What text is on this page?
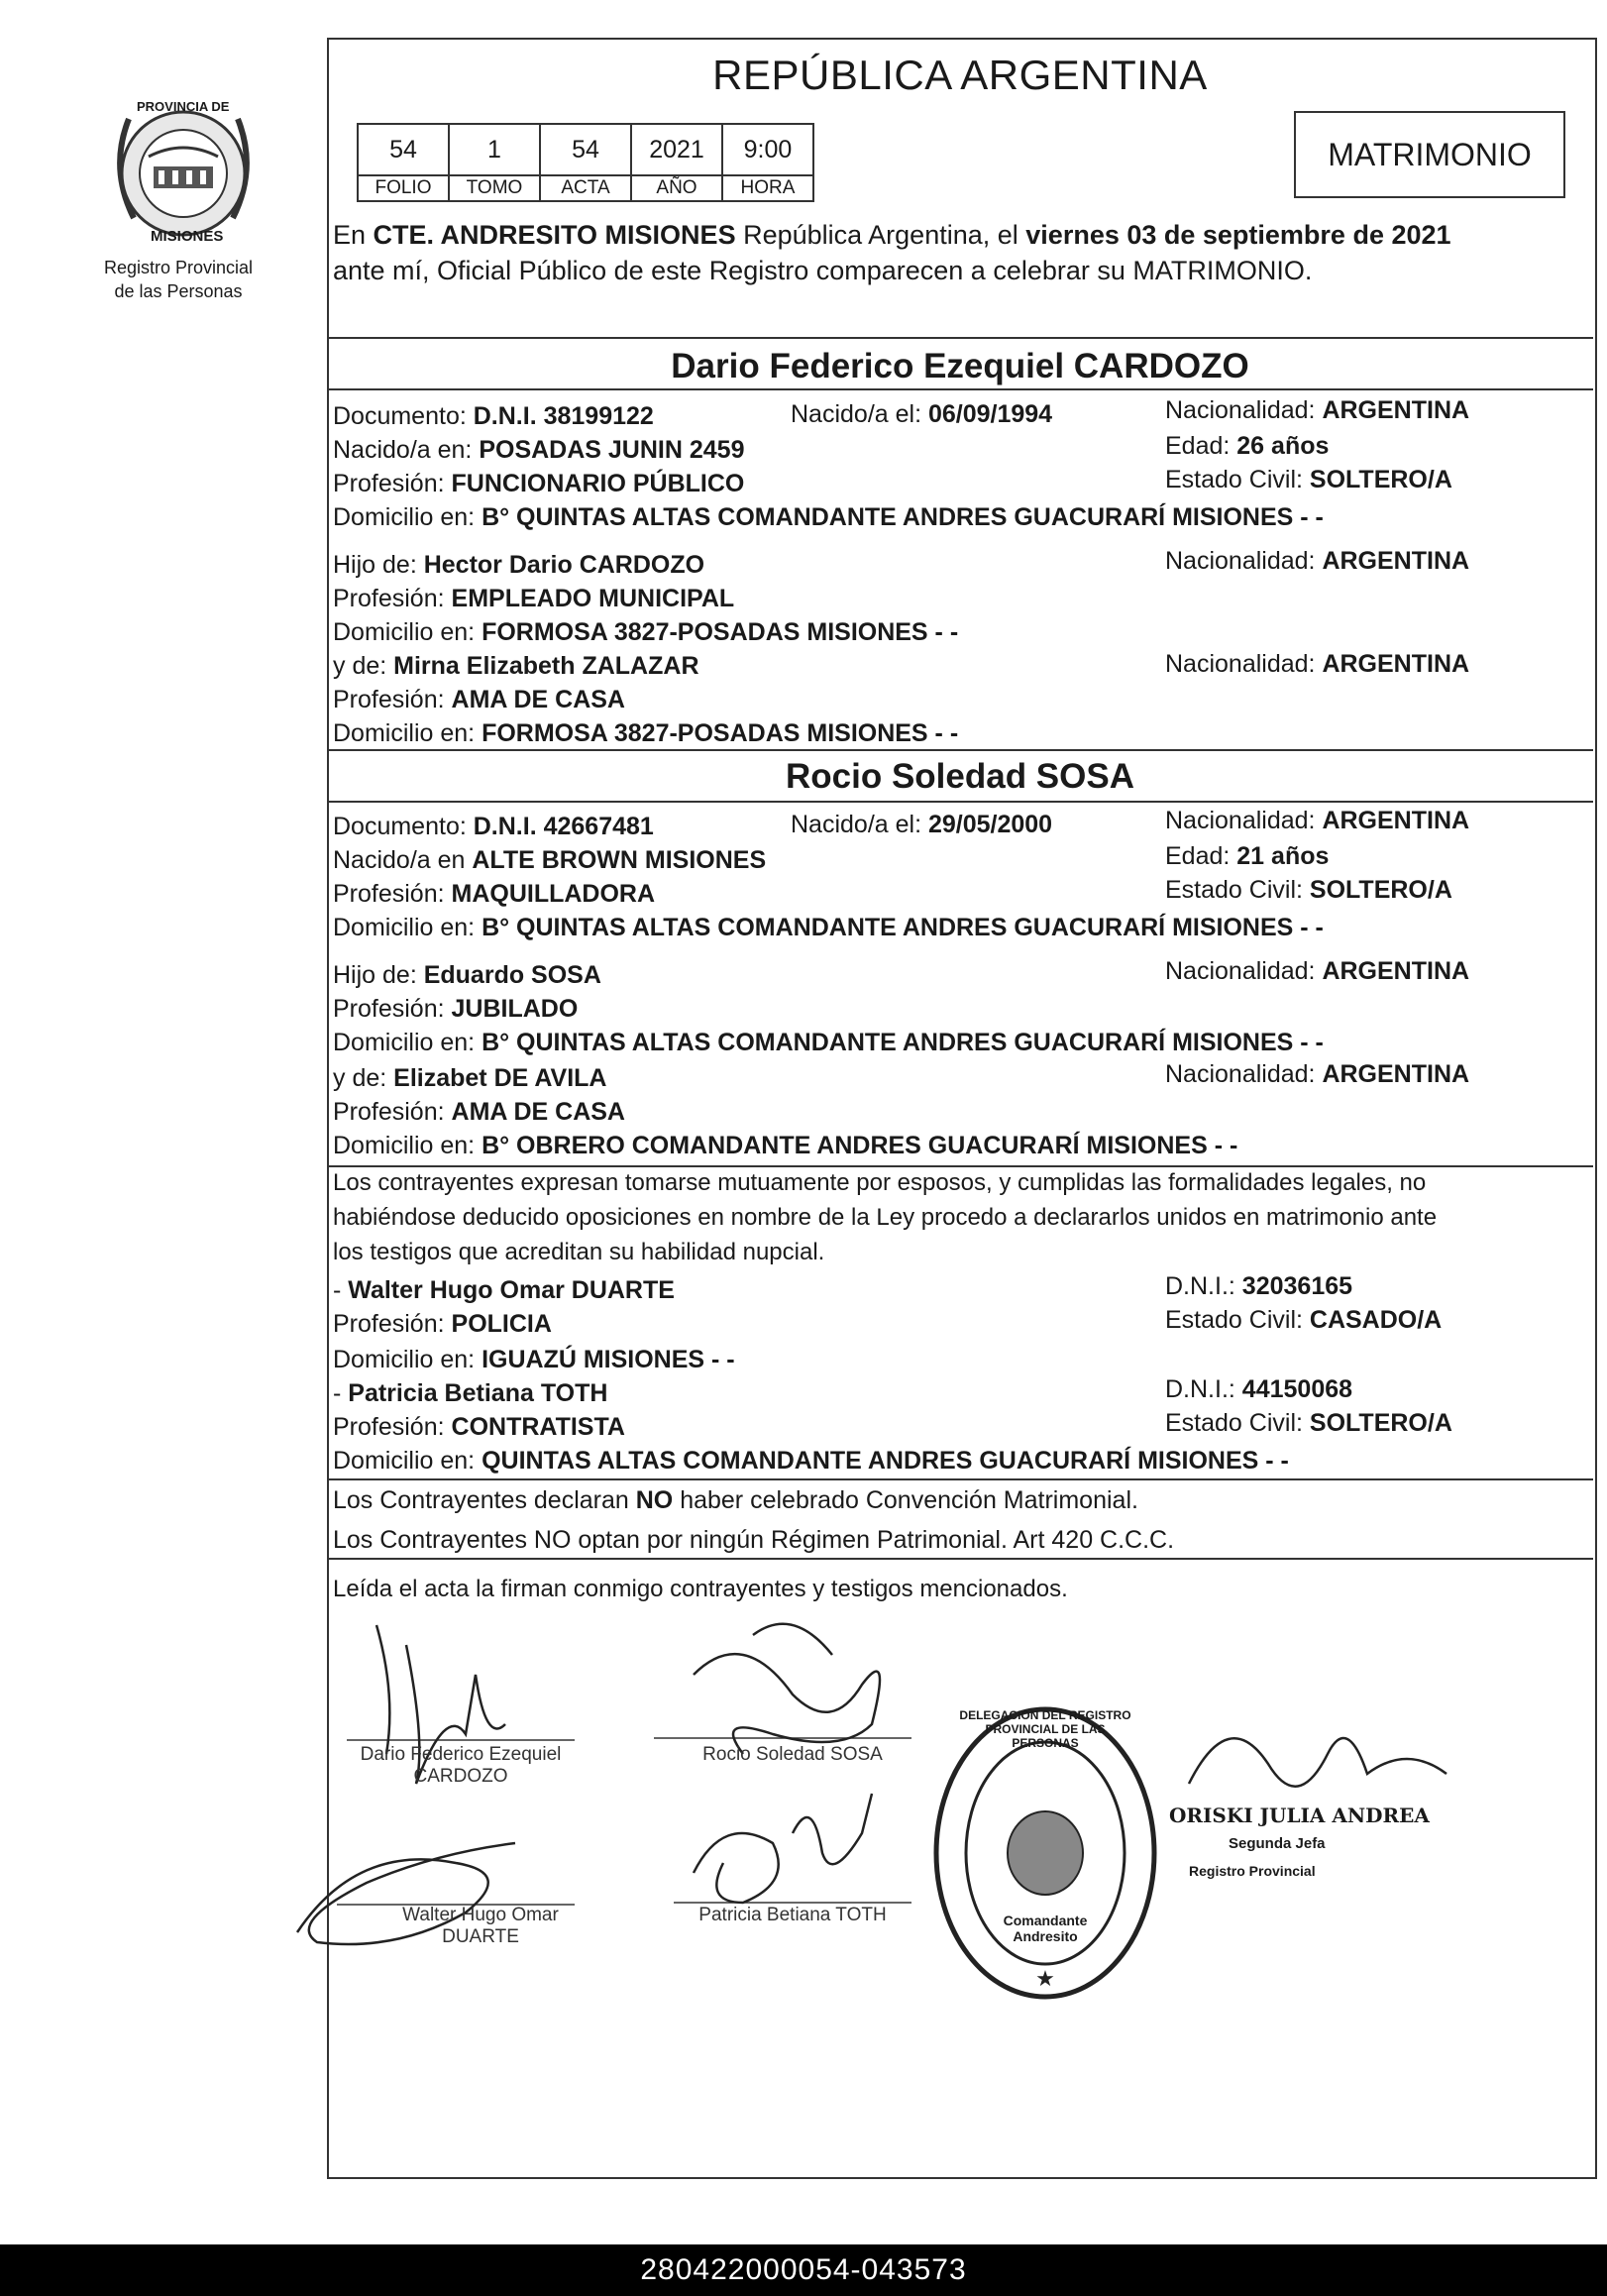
PROVINCIA DE
MISIONES
Registro Provincial
de las Personas
REPÚBLICA ARGENTINA
54	1	54	2021	9:00
FOLIO	TOMO	ACTA	AÑO	HORA
MATRIMONIO
En CTE. ANDRESITO MISIONES República Argentina, el viernes 03 de septiembre de 2021
ante mí, Oficial Público de este Registro comparecen a celebrar su MATRIMONIO.
Dario Federico Ezequiel CARDOZO
Documento: D.N.I. 38199122	Nacido/a el: 06/09/1994	Nacionalidad: ARGENTINA
Nacido/a en: POSADAS JUNIN 2459	Edad: 26 años
Profesión: FUNCIONARIO PÚBLICO	Estado Civil: SOLTERO/A
Domicilio en: B° QUINTAS ALTAS COMANDANTE ANDRES GUACURARÍ MISIONES - -
Hijo de: Hector Dario CARDOZO	Nacionalidad: ARGENTINA
Profesión: EMPLEADO MUNICIPAL
Domicilio en: FORMOSA 3827-POSADAS MISIONES - -
y de: Mirna Elizabeth ZALAZAR	Nacionalidad: ARGENTINA
Profesión: AMA DE CASA
Domicilio en: FORMOSA 3827-POSADAS MISIONES - -
Rocio Soledad SOSA
Documento: D.N.I. 42667481	Nacido/a el: 29/05/2000	Nacionalidad: ARGENTINA
Nacido/a en ALTE BROWN MISIONES	Edad: 21 años
Profesión: MAQUILLADORA	Estado Civil: SOLTERO/A
Domicilio en: B° QUINTAS ALTAS COMANDANTE ANDRES GUACURARÍ MISIONES - -
Hijo de: Eduardo SOSA	Nacionalidad: ARGENTINA
Profesión: JUBILADO
Domicilio en: B° QUINTAS ALTAS COMANDANTE ANDRES GUACURARÍ MISIONES - -
y de: Elizabet DE AVILA	Nacionalidad: ARGENTINA
Profesión: AMA DE CASA
Domicilio en: B° OBRERO COMANDANTE ANDRES GUACURARÍ MISIONES - -
Los contrayentes expresan tomarse mutuamente por esposos, y cumplidas las formalidades legales, no
habiéndose deducido oposiciones en nombre de la Ley procedo a declararlos unidos en matrimonio ante
los testigos que acreditan su habilidad nupcial.
- Walter Hugo Omar DUARTE	D.N.I.: 32036165
Profesión: POLICIA	Estado Civil: CASADO/A
Domicilio en: IGUAZÚ MISIONES - -
- Patricia Betiana TOTH	D.N.I.: 44150068
Profesión: CONTRATISTA	Estado Civil: SOLTERO/A
Domicilio en: QUINTAS ALTAS COMANDANTE ANDRES GUACURARÍ MISIONES - -
Los Contrayentes declaran NO haber celebrado Convención Matrimonial.
Los Contrayentes NO optan por ningún Régimen Patrimonial. Art 420 C.C.C.
Leída el acta la firman conmigo contrayentes y testigos mencionados.
Dario Federico Ezequiel
CARDOZO
Rocio Soledad SOSA
Walter Hugo Omar
DUARTE
Patricia Betiana TOTH
★
DELEGACION DEL REGISTRO PROVINCIAL DE LAS PERSONAS
Comandante Andresito
ORISKI JULIA ANDREA
Segunda Jefa
Registro Provincial
280422000054-043573
